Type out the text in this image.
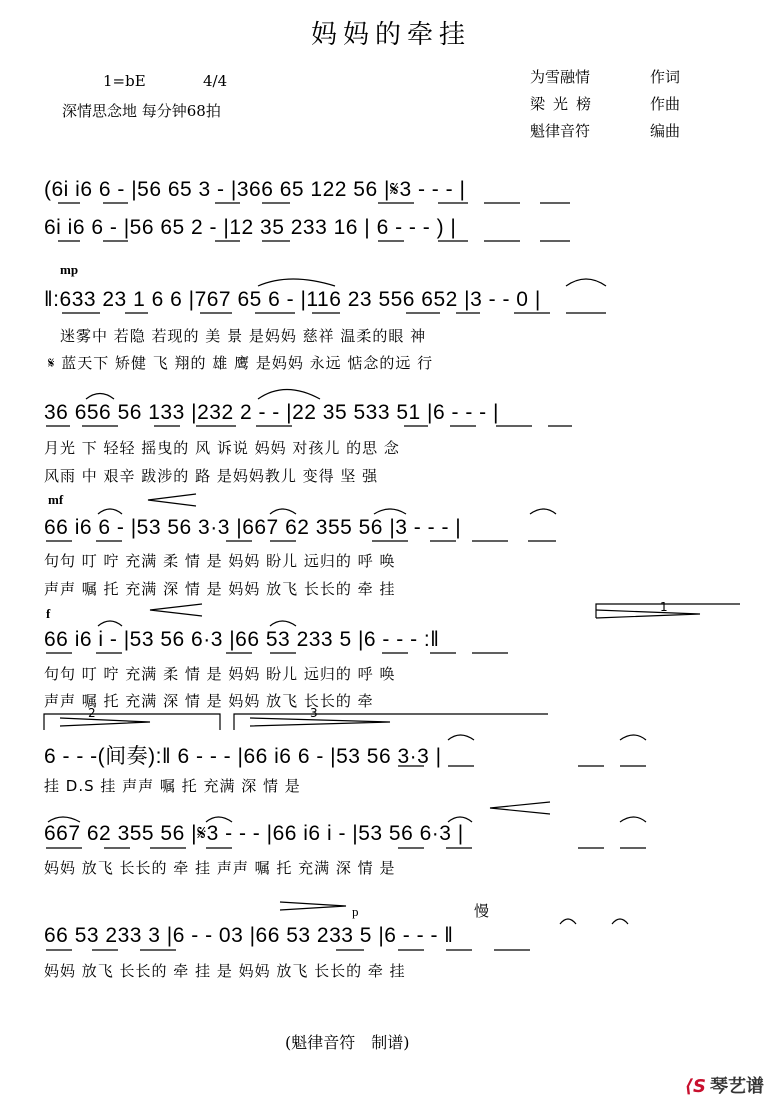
妈妈的牵挂
1=bE	4/4
深情思念地 每分钟68拍
为雪融情	作词
梁光榜	作曲
魁律音符	编曲
(6i i6 6 - |56 65 3 - |366 65 122 56 |𝄋3 - - - |
6i i6 6 - |56 65 2 - |12 35 233 16 | 6 - - - ) |
mp
‖:633 23 1 6 6 |767 65 6 - |116 23 556 652 |3 - - 0 |
迷雾中 若隐 若现的 美 景 是妈妈 慈祥 温柔的眼 神
𝄋 蓝天下 矫健 飞 翔的 雄 鹰 是妈妈 永远 惦念的远 行
36 656 56 133 |232 2 - - |22 35 533 51 |6 - - - |
月光 下 轻轻 摇曳的 风 诉说 妈妈 对孩儿 的思 念
风雨 中 艰辛 跋涉的 路 是妈妈教儿 变得 坚 强
mf
66 i6 6 - |53 56 3·3 |667 62 355 56 |3 - - - |
句句 叮 咛 充满 柔 情 是 妈妈 盼儿 远归的 呼 唤
声声 嘱 托 充满 深 情 是 妈妈 放飞 长长的 牵 挂
f	1
66 i6 i - |53 56 6·3 |66 53 233 5 |6 - - - :‖
句句 叮 咛 充满 柔 情 是 妈妈 盼儿 远归的 呼 唤
声声 嘱 托 充满 深 情 是 妈妈 放飞 长长的 牵
2	3
6 - - -(间奏):‖ 6 - - - |66 i6 6 - |53 56 3·3 |
挂 D.S 挂 声声 嘱 托 充满 深 情 是
667 62 355 56 |𝄋3 - - - |66 i6 i - |53 56 6·3 |
妈妈 放飞 长长的 牵 挂 声声 嘱 托 充满 深 情 是
p	慢
66 53 233 3 |6 - - 03 |66 53 233 5 |6 - - - ‖
妈妈 放飞 长长的 牵 挂 是 妈妈 放飞 长长的 牵 挂
(魁律音符　制谱)
⟨S 琴艺谱
